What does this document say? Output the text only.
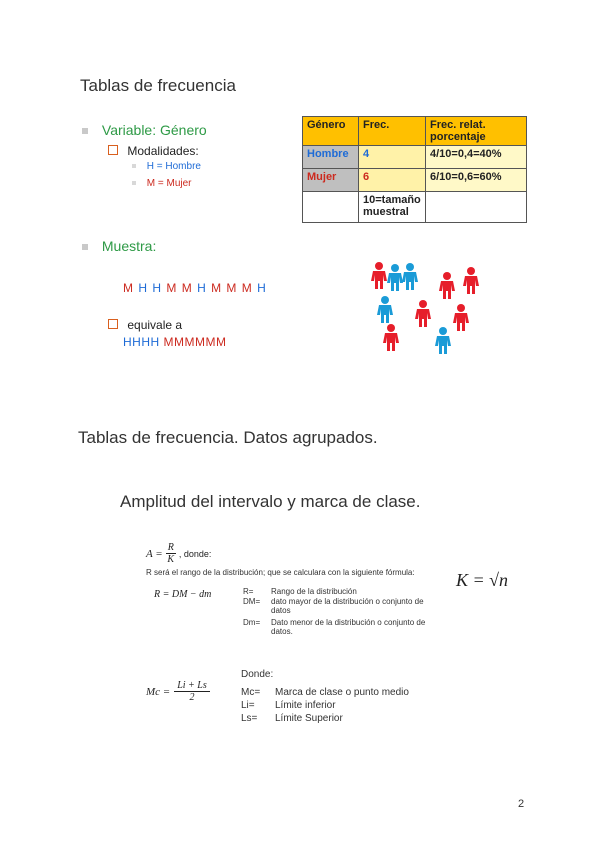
Tablas de frecuencia
Variable: Género
Modalidades:
H = Hombre
M = Mujer
Género	Frec.	Frec. relat. porcentaje
Hombre	4	4/10=0,4=40%
Mujer	6	6/10=0,6=60%
	10=tamaño muestral	
Muestra:
M H H M M H M M M H
equivale a
HHHH MMMMMM
Tablas de frecuencia. Datos agrupados.
Amplitud del intervalo y marca de clase.
$A = \frac{R}{K}$ , donde:
R será el rango de la distribución; que se calculara con la siguiente fórmula:
R = DM − dm	R=	Rango de la distribución
DM=	dato mayor de la distribución o conjunto de datos
Dm=	Dato menor de la distribución o conjunto de datos.
K = √n
$Mc = \frac{Li + Ls}{2}$
Donde:
Mc=	Marca de clase o punto medio
Li=	Límite inferior
Ls=	Límite Superior
2
